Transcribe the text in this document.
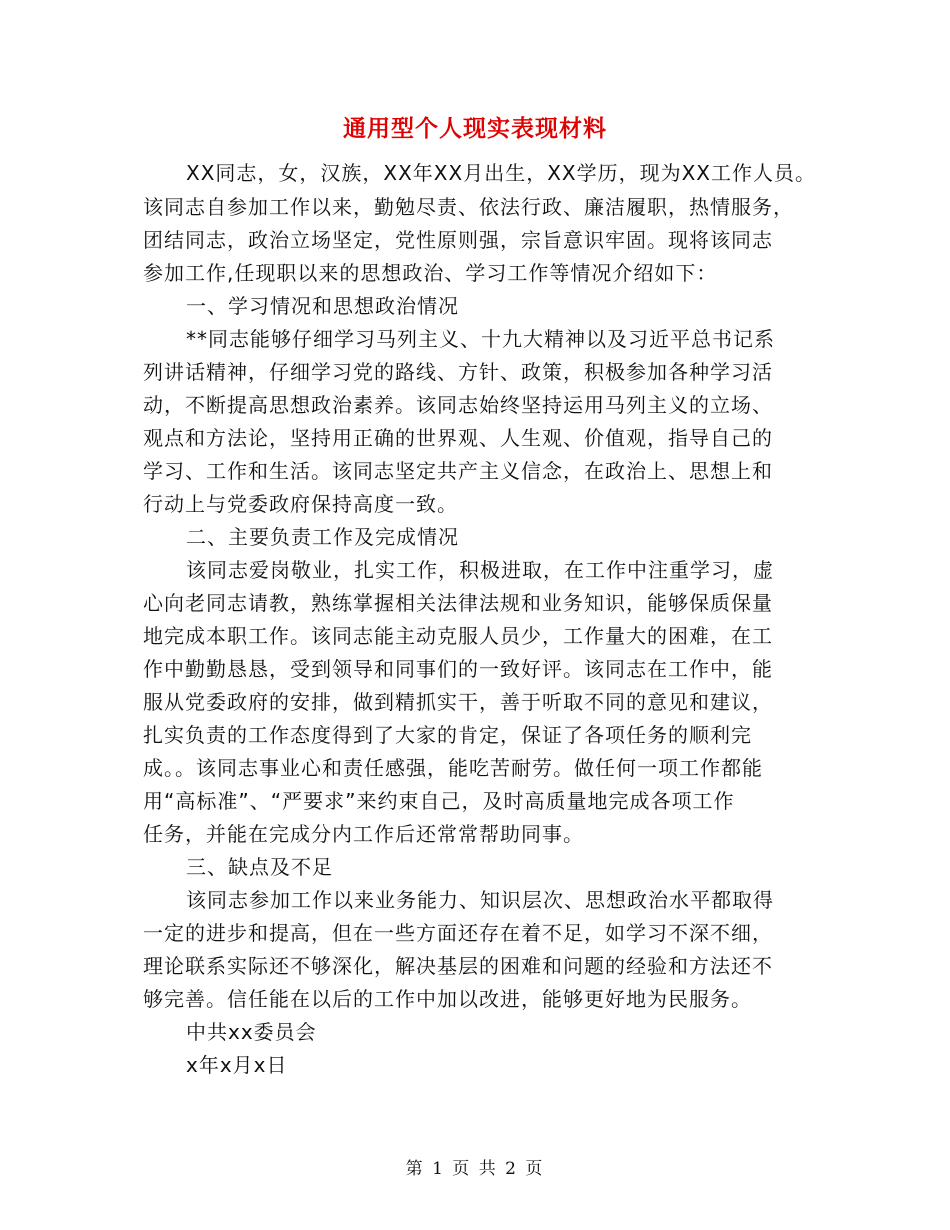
通用型个人现实表现材料
XX同志，女，汉族，XX年XX月出生，XX学历，现为XX工作人员。
该同志自参加工作以来，勤勉尽责、依法行政、廉洁履职，热情服务，
团结同志，政治立场坚定，党性原则强，宗旨意识牢固。现将该同志
参加工作,任现职以来的思想政治、学习工作等情况介绍如下：
一、学习情况和思想政治情况
**同志能够仔细学习马列主义、十九大精神以及习近平总书记系
列讲话精神，仔细学习党的路线、方针、政策，积极参加各种学习活
动，不断提高思想政治素养。该同志始终坚持运用马列主义的立场、
观点和方法论，坚持用正确的世界观、人生观、价值观，指导自己的
学习、工作和生活。该同志坚定共产主义信念，在政治上、思想上和
行动上与党委政府保持高度一致。
二、主要负责工作及完成情况
该同志爱岗敬业，扎实工作，积极进取，在工作中注重学习，虚
心向老同志请教，熟练掌握相关法律法规和业务知识，能够保质保量
地完成本职工作。该同志能主动克服人员少，工作量大的困难，在工
作中勤勤恳恳，受到领导和同事们的一致好评。该同志在工作中，能
服从党委政府的安排，做到精抓实干，善于听取不同的意见和建议，
扎实负责的工作态度得到了大家的肯定，保证了各项任务的顺利完
成。。该同志事业心和责任感强，能吃苦耐劳。做任何一项工作都能
用“高标准”、“严要求”来约束自己，及时高质量地完成各项工作
任务，并能在完成分内工作后还常常帮助同事。
三、缺点及不足
该同志参加工作以来业务能力、知识层次、思想政治水平都取得
一定的进步和提高，但在一些方面还存在着不足，如学习不深不细，
理论联系实际还不够深化，解决基层的困难和问题的经验和方法还不
够完善。信任能在以后的工作中加以改进，能够更好地为民服务。
中共xx委员会
x年x月x日
第 1 页 共 2 页
